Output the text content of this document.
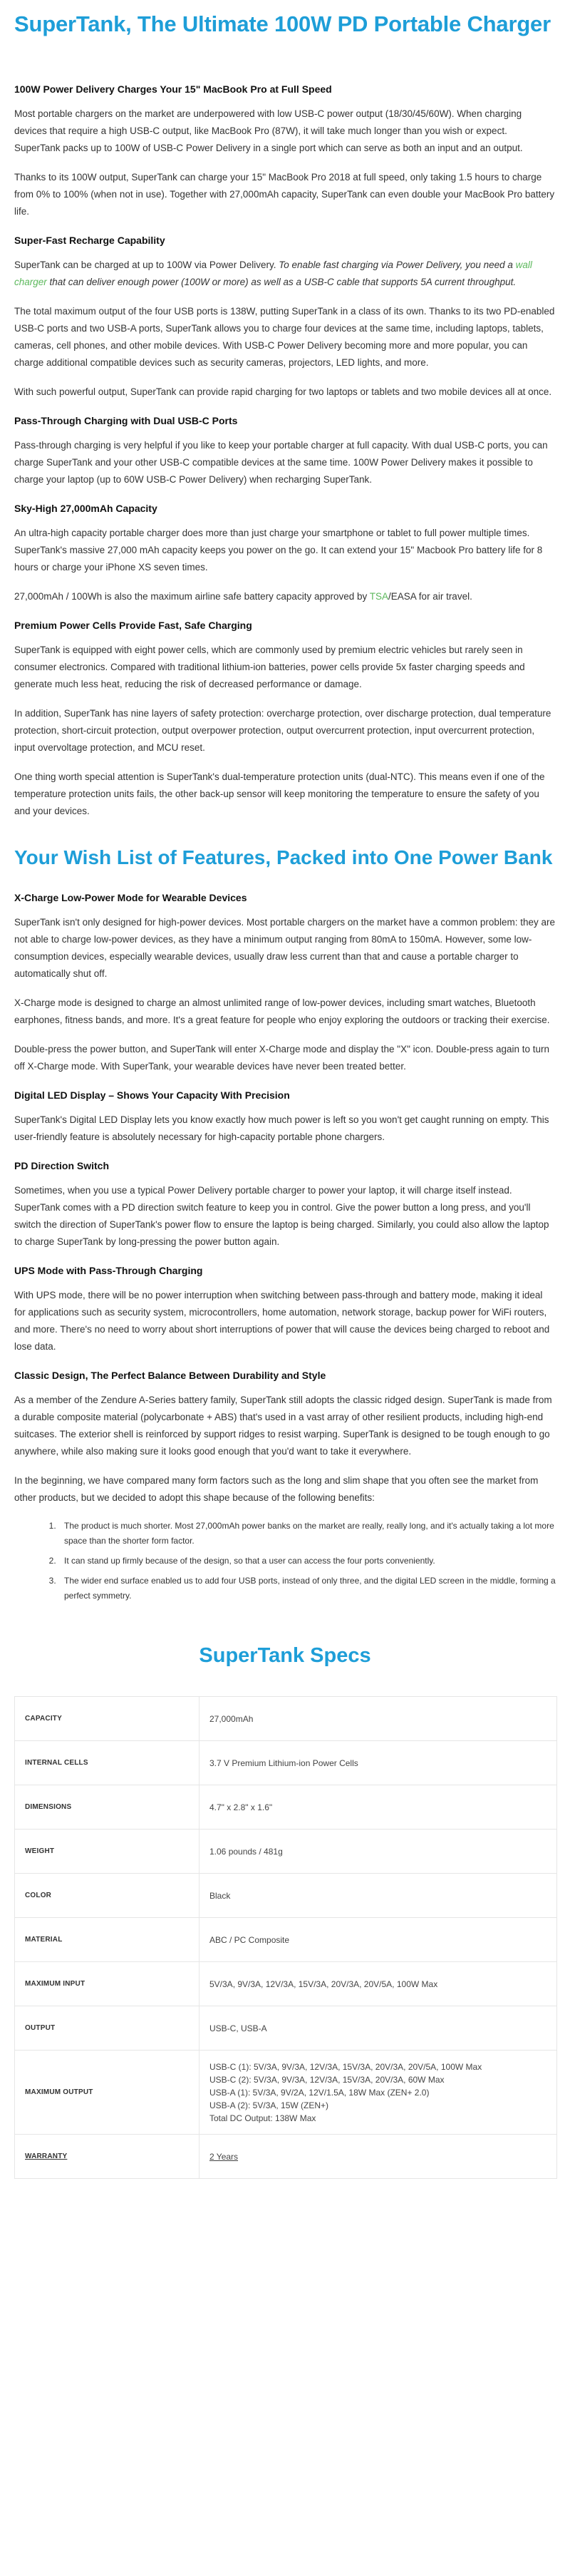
SuperTank, The Ultimate 100W PD Portable Charger
100W Power Delivery Charges Your 15" MacBook Pro at Full Speed

Most portable chargers on the market are underpowered with low USB-C power output (18/30/45/60W). When charging devices that require a high USB-C output, like MacBook Pro (87W), it will take much longer than you wish or expect. SuperTank packs up to 100W of USB-C Power Delivery in a single port which can serve as both an input and an output.

Thanks to its 100W output, SuperTank can charge your 15" MacBook Pro 2018 at full speed, only taking 1.5 hours to charge from 0% to 100% (when not in use). Together with 27,000mAh capacity, SuperTank can even double your MacBook Pro battery life.

Super-Fast Recharge Capability

SuperTank can be charged at up to 100W via Power Delivery. To enable fast charging via Power Delivery, you need a wall charger that can deliver enough power (100W or more) as well as a USB-C cable that supports 5A current throughput.

The total maximum output of the four USB ports is 138W, putting SuperTank in a class of its own. Thanks to its two PD-enabled USB-C ports and two USB-A ports, SuperTank allows you to charge four devices at the same time, including laptops, tablets, cameras, cell phones, and other mobile devices. With USB-C Power Delivery becoming more and more popular, you can charge additional compatible devices such as security cameras, projectors, LED lights, and more.

With such powerful output, SuperTank can provide rapid charging for two laptops or tablets and two mobile devices all at once.

Pass-Through Charging with Dual USB-C Ports

Pass-through charging is very helpful if you like to keep your portable charger at full capacity. With dual USB-C ports, you can charge SuperTank and your other USB-C compatible devices at the same time. 100W Power Delivery makes it possible to charge your laptop (up to 60W USB-C Power Delivery) when recharging SuperTank.

Sky-High 27,000mAh Capacity

An ultra-high capacity portable charger does more than just charge your smartphone or tablet to full power multiple times. SuperTank's massive 27,000 mAh capacity keeps you power on the go. It can extend your 15" Macbook Pro battery life for 8 hours or charge your iPhone XS seven times.

27,000mAh / 100Wh is also the maximum airline safe battery capacity approved by TSA/EASA for air travel.

Premium Power Cells Provide Fast, Safe Charging

SuperTank is equipped with eight power cells, which are commonly used by premium electric vehicles but rarely seen in consumer electronics. Compared with traditional lithium-ion batteries, power cells provide 5x faster charging speeds and generate much less heat, reducing the risk of decreased performance or damage.

In addition, SuperTank has nine layers of safety protection: overcharge protection, over discharge protection, dual temperature protection, short-circuit protection, output overpower protection, output overcurrent protection, input overcurrent protection, input overvoltage protection, and MCU reset.

One thing worth special attention is SuperTank's dual-temperature protection units (dual-NTC). This means even if one of the temperature protection units fails, the other back-up sensor will keep monitoring the temperature to ensure the safety of you and your devices.

Your Wish List of Features, Packed into One Power Bank
X-Charge Low-Power Mode for Wearable Devices

SuperTank isn't only designed for high-power devices. Most portable chargers on the market have a common problem: they are not able to charge low-power devices, as they have a minimum output ranging from 80mA to 150mA. However, some low-consumption devices, especially wearable devices, usually draw less current than that and cause a portable charger to automatically shut off.

X-Charge mode is designed to charge an almost unlimited range of low-power devices, including smart watches, Bluetooth earphones, fitness bands, and more. It's a great feature for people who enjoy exploring the outdoors or tracking their exercise.

Double-press the power button, and SuperTank will enter X-Charge mode and display the "X" icon. Double-press again to turn off X-Charge mode. With SuperTank, your wearable devices have never been treated better.

Digital LED Display – Shows Your Capacity With Precision

SuperTank's Digital LED Display lets you know exactly how much power is left so you won't get caught running on empty. This user-friendly feature is absolutely necessary for high-capacity portable phone chargers.

PD Direction Switch

Sometimes, when you use a typical Power Delivery portable charger to power your laptop, it will charge itself instead. SuperTank comes with a PD direction switch feature to keep you in control. Give the power button a long press, and you'll switch the direction of SuperTank's power flow to ensure the laptop is being charged. Similarly, you could also allow the laptop to charge SuperTank by long-pressing the power button again.

UPS Mode with Pass-Through Charging

With UPS mode, there will be no power interruption when switching between pass-through and battery mode, making it ideal for applications such as security system, microcontrollers, home automation, network storage, backup power for WiFi routers, and more. There's no need to worry about short interruptions of power that will cause the devices being charged to reboot and lose data.

Classic Design, The Perfect Balance Between Durability and Style

As a member of the Zendure A-Series battery family, SuperTank still adopts the classic ridged design. SuperTank is made from a durable composite material (polycarbonate + ABS) that's used in a vast array of other resilient products, including high-end suitcases. The exterior shell is reinforced by support ridges to resist warping. SuperTank is designed to be tough enough to go anywhere, while also making sure it looks good enough that you'd want to take it everywhere.

In the beginning, we have compared many form factors such as the long and slim shape that you often see the market from other products, but we decided to adopt this shape because of the following benefits:

1. The product is much shorter. Most 27,000mAh power banks on the market are really, really long, and it's actually taking a lot more space than the shorter form factor.
2. It can stand up firmly because of the design, so that a user can access the four ports conveniently.
3. The wider end surface enabled us to add four USB ports, instead of only three, and the digital LED screen in the middle, forming a perfect symmetry.
SuperTank Specs
CAPACITY	27,000mAh
INTERNAL CELLS	3.7 V Premium Lithium-ion Power Cells
DIMENSIONS	4.7" x 2.8" x 1.6"
WEIGHT	1.06 pounds / 481g
COLOR	Black
MATERIAL	ABC / PC Composite
MAXIMUM INPUT	5V/3A, 9V/3A, 12V/3A, 15V/3A, 20V/3A, 20V/5A, 100W Max
OUTPUT	USB-C, USB-A
MAXIMUM OUTPUT	USB-C (1): 5V/3A, 9V/3A, 12V/3A, 15V/3A, 20V/3A, 20V/5A, 100W Max
USB-C (2): 5V/3A, 9V/3A, 12V/3A, 15V/3A, 20V/3A, 60W Max
USB-A (1): 5V/3A, 9V/2A, 12V/1.5A, 18W Max (ZEN+ 2.0)
USB-A (2): 5V/3A, 15W (ZEN+)
Total DC Output: 138W Max

WARRANTY	2 Years
